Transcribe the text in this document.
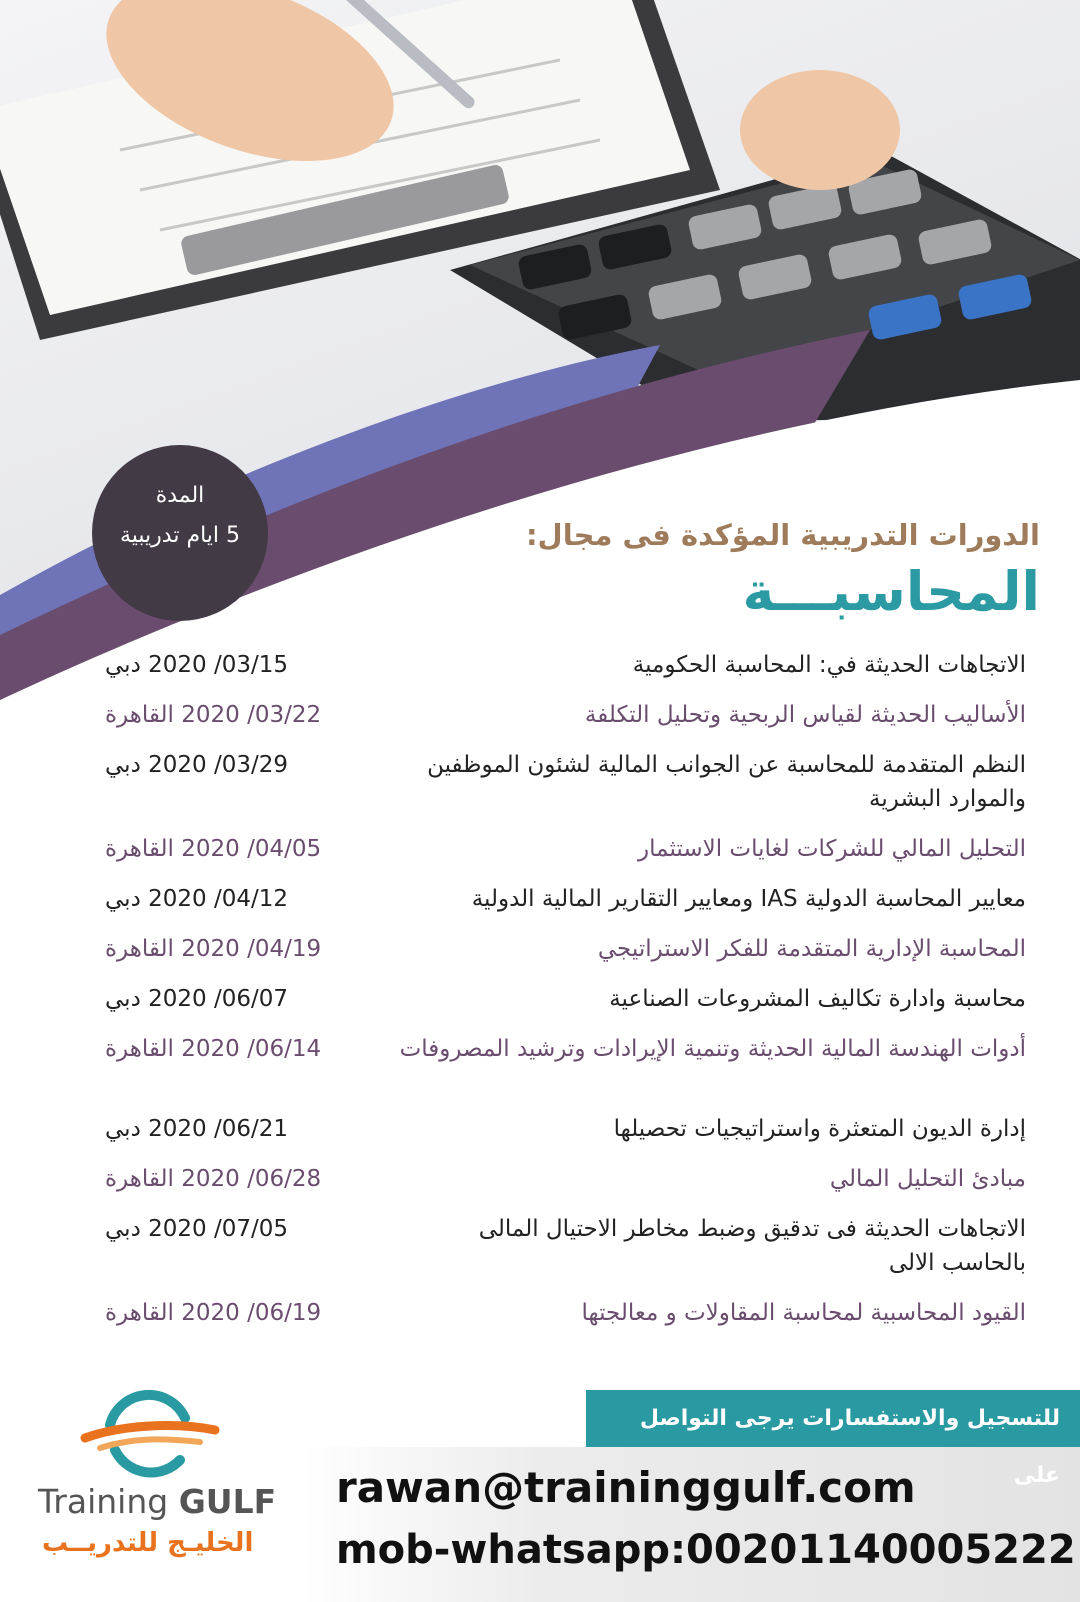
المدة
5 ايام تدريبية	الدورات التدريبية المؤكدة فى مجال:
المحاسبـــة
الاتجاهات الحديثة في: المحاسبة الحكومية
03/15/ 2020 دبي
الأساليب الحديثة لقياس الربحية وتحليل التكلفة
03/22/ 2020 القاهرة
النظم المتقدمة للمحاسبة عن الجوانب المالية لشئون الموظفين والموارد البشرية
03/29/ 2020 دبي
التحليل المالي للشركات لغايات الاستثمار
04/05/ 2020 القاهرة
معايير المحاسبة الدولية IAS ومعايير التقارير المالية الدولية
04/12/ 2020 دبي
المحاسبة الإدارية المتقدمة للفكر الاستراتيجي
04/19/ 2020 القاهرة
محاسبة وادارة تكاليف المشروعات الصناعية
06/07/ 2020 دبي
أدوات الهندسة المالية الحديثة وتنمية الإيرادات وترشيد المصروفات
06/14/ 2020 القاهرة
إدارة الديون المتعثرة واستراتيجيات تحصيلها
06/21/ 2020 دبي
مبادئ التحليل المالي
06/28/ 2020 القاهرة
الاتجاهات الحديثة فى تدقيق وضبط مخاطر الاحتيال المالى بالحاسب الالى
07/05/ 2020 دبي
القيود المحاسبية لمحاسبة المقاولات و معالجتها
06/19/ 2020 القاهرة
للتسجيل والاستفسارات يرجى التواصل على
rawan@traininggulf.com
mob-whatsapp:00201140005222
Training GULF
الخليـج للتدريــب
